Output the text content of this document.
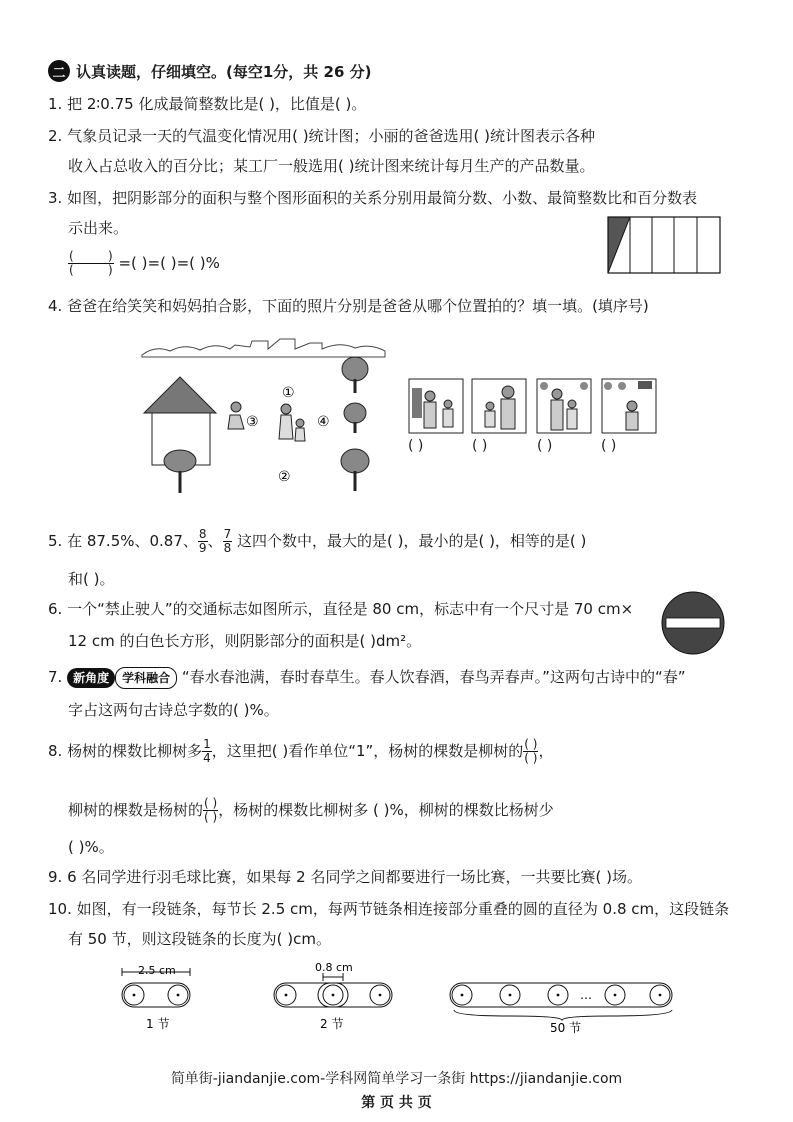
二 认真读题，仔细填空。(每空1分，共 26 分)
1. 把 2∶0.75 化成最简整数比是( )，比值是( )。
2. 气象员记录一天的气温变化情况用( )统计图；小丽的爸爸选用( )统计图表示各种
收入占总收入的百分比；某工厂一般选用( )统计图来统计每月生产的产品数量。
3. 如图，把阴影部分的面积与整个图形面积的关系分别用最简分数、小数、最简整数比和百分数表
示出来。
$\frac{( )}{( )}$ =( )=( )=( )%
4. 爸爸在给笑笑和妈妈拍合影，下面的照片分别是爸爸从哪个位置拍的？填一填。(填序号)
①
②
③	④
( )	( )	( )	( )
5. 在 87.5%、0.87、 $\frac{8}{9}$ 、 $\frac{7}{8}$ 这四个数中，最大的是( )，最小的是( )，相等的是( )
和( )。
6. 一个“禁止驶人”的交通标志如图所示，直径是 80 cm，标志中有一个尺寸是 70 cm×
12 cm 的白色长方形，则阴影部分的面积是( )dm²。
7. 新角度 学科融合 “春水春池满，春时春草生。春人饮春酒，春鸟弄春声。”这两句古诗中的“春”
字占这两句古诗总字数的( )%。
8. 杨树的棵数比柳树多 $\frac{1}{4}$ ，这里把( )看作单位“1”，杨树的棵数是柳树的 $\frac{( )}{( )}$ ，
柳树的棵数是杨树的 $\frac{( )}{( )}$ ，杨树的棵数比柳树多 ( )%，柳树的棵数比杨树少
( )%。
9. 6 名同学进行羽毛球比赛，如果每 2 名同学之间都要进行一场比赛，一共要比赛( )场。
10. 如图，有一段链条，每节长 2.5 cm，每两节链条相连接部分重叠的圆的直径为 0.8 cm，这段链条
有 50 节，则这段链条的长度为( )cm。
2.5 cm
1 节
0.8 cm
2 节
…
50 节
简单街-jiandanjie.com-学科网简单学习一条街 https://jiandanjie.com
第 页 共 页
